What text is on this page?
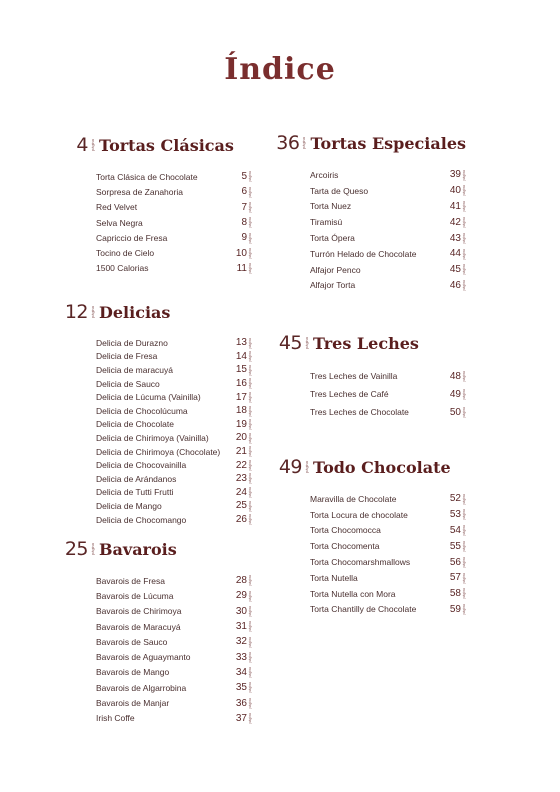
Índice
4 página Tortas Clásicas
Torta Clásica de Chocolate	5 página
Sorpresa de Zanahoria	6 página
Red Velvet	7 página
Selva Negra	8 página
Capriccio de Fresa	9 página
Tocino de Cielo	10 página
1500 Calorias	11 página
12 página Delicias
Delicia de Durazno	13 página
Delicia de Fresa	14 página
Delicia de maracuyá	15 página
Delicia de Sauco	16 página
Delicia de Lúcuma (Vainilla)	17 página
Delicia de Chocolúcuma	18 página
Delicia de Chocolate	19 página
Delicia de Chirimoya (Vainilla)	20 página
Delicia de Chirimoya (Chocolate) 21 página
Delicia de Chocovainilla	22 página
Delicia de Arándanos	23 página
Delicia de Tutti Frutti	24 página
Delicia de Mango	25 página
Delicia de Chocomango	26 página
25 página Bavarois
Bavarois de Fresa	28 página
Bavarois de Lúcuma	29 página
Bavarois de Chirimoya	30 página
Bavarois de Maracuyá	31 página
Bavarois de Sauco	32 página
Bavarois de Aguaymanto	33 página
Bavarois de Mango	34 página
Bavarois de Algarrobina	35 página
Bavarois de Manjar	36 página
Irish Coffe	37 página
36 página Tortas Especiales
Arcoiris	39 página
Tarta de Queso	40 página
Torta Nuez	41 página
Tiramisú	42 página
Torta Ópera	43 página
Turrón Helado de Chocolate	44 página
Alfajor Penco	45 página
Alfajor Torta	46 página
45 página Tres Leches
Tres Leches de Vainilla	48 página
Tres Leches de Café	49 página
Tres Leches de Chocolate	50 página
49 página Todo Chocolate
Maravilla de Chocolate	52 página
Torta Locura de chocolate	53 página
Torta Chocomocca	54 página
Torta Chocomenta	55 página
Torta Chocomarshmallows	56 página
Torta Nutella	57 página
Torta Nutella con Mora	58 página
Torta Chantilly de Chocolate	59 página
